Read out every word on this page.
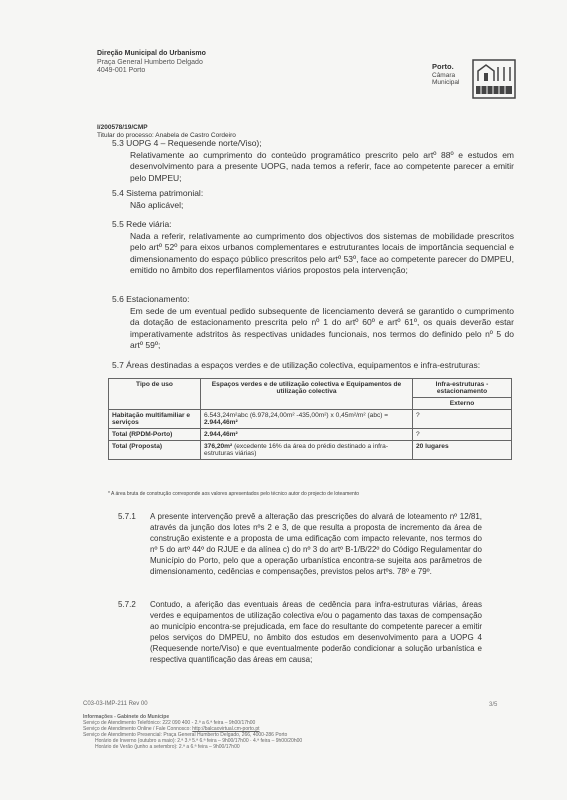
Direção Municipal do Urbanismo
Praça General Humberto Delgado
4049-001 Porto	Porto.
Câmara
Municipal
I/200578/19/CMP
Titular do processo: Anabela de Castro Cordeiro
5.3 UOPG 4 – Requesende norte/Viso);
Relativamente ao cumprimento do conteúdo programático prescrito pelo artº 88º e estudos em desenvolvimento para a presente UOPG, nada temos a referir, face ao competente parecer a emitir pelo DMPEU;
5.4 Sistema patrimonial:
Não aplicável;
5.5 Rede viária:
Nada a referir, relativamente ao cumprimento dos objectivos dos sistemas de mobilidade prescritos pelo artº 52º para eixos urbanos complementares e estruturantes locais de importância sequencial e dimensionamento do espaço público prescritos pelo artº 53º, face ao competente parecer do DMPEU, emitido no âmbito dos reperfilamentos viários propostos pela intervenção;
5.6 Estacionamento:
Em sede de um eventual pedido subsequente de licenciamento deverá se garantido o cumprimento da dotação de estacionamento prescrita pelo nº 1 do artº 60º e artº 61º, os quais deverão estar imperativamente adstritos às respectivas unidades funcionais, nos termos do definido pelo nº 5 do artº 59º;
5.7 Áreas destinadas a espaços verdes e de utilização colectiva, equipamentos e infra-estruturas:
Tipo de uso	Espaços verdes e de utilização colectiva e Equipamentos de utilização colectiva	Infra-estruturas - estacionamento
		Externo
Habitação multifamiliar e serviços	6.543,24m²abc (6.978,24,00m² -435,00m²) x 0,45m²/m² (abc) = 2.944,46m²	?
Total (RPDM-Porto)	2.944,46m²	?
Total (Proposta)	376,20m² (excedente 16% da área do prédio destinado a infra-estruturas viárias)	20 lugares
* A área bruta de construção corresponde aos valores apresentados pelo técnico autor do projecto de loteamento
5.7.1 A presente intervenção prevê a alteração das prescrições do alvará de loteamento nº 12/81, através da junção dos lotes nºs 2 e 3, de que resulta a proposta de incremento da área de construção existente e a proposta de uma edificação com impacto relevante, nos termos do nº 5 do artº 44º do RJUE e da alínea c) do nº 3 do artº B-1/B/22º do Código Regulamentar do Município do Porto, pelo que a operação urbanística encontra-se sujeita aos parâmetros de dimensionamento, cedências e compensações, previstos pelos artºs. 78º e 79º.
5.7.2 Contudo, a aferição das eventuais áreas de cedência para infra-estruturas viárias, áreas verdes e equipamentos de utilização colectiva e/ou o pagamento das taxas de compensação ao município encontra-se prejudicada, em face do resultante do competente parecer a emitir pelos serviços do DMPEU, no âmbito dos estudos em desenvolvimento para a UOPG 4 (Requesende norte/Viso) e que eventualmente poderão condicionar a solução urbanística e respectiva quantificação das áreas em causa;
C03-03-IMP-211 Rev 00	3/5
Informações - Gabinete do Munícipe
Serviço de Atendimento Telefónico: 222 090 400 - 2.ª a 6.ª feira – 9h00/17h00
Serviço de Atendimento Online / Fale Connosco: http://balcaovirtual.cm-porto.pt
Serviço de Atendimento Presencial: Praça General Humberto Delgado, 266, 4000-286 Porto
Horário de Inverno (outubro a maio): 2.ª 3.ª 5.ª 6.ª feira – 9h00/17h00 · 4.ª feira – 9h00/20h00
Horário de Verão (junho a setembro): 2.ª a 6.ª feira – 9h00/17h00
